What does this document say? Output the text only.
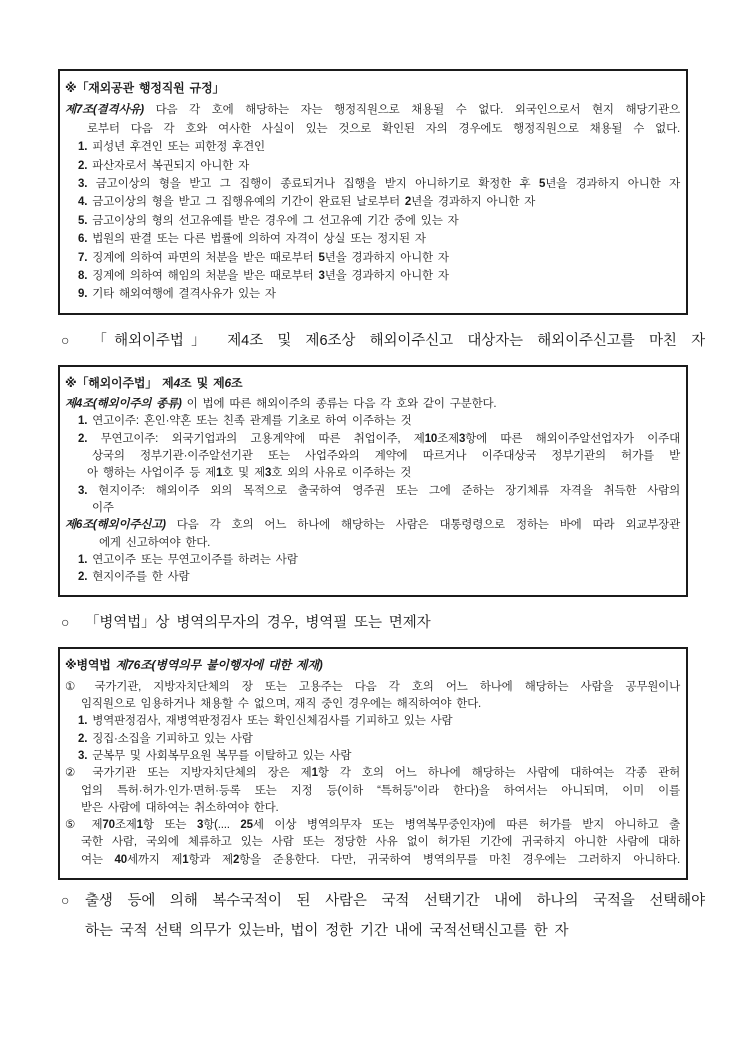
※「재외공관 행정직원 규정」
제7조(결격사유) 다음 각 호에 해당하는 자는 행정직원으로 채용될 수 없다. 외국인으로서 현지 해당기관으
로부터 다음 각 호와 여사한 사실이 있는 것으로 확인된 자의 경우에도 행정직원으로 채용될 수 없다.
1. 피성년 후견인 또는 피한정 후견인
2. 파산자로서 복권되지 아니한 자
3. 금고이상의 형을 받고 그 집행이 종료되거나 집행을 받지 아니하기로 확정한 후 5년을 경과하지 아니한 자
4. 금고이상의 형을 받고 그 집행유예의 기간이 완료된 날로부터 2년을 경과하지 아니한 자
5. 금고이상의 형의 선고유예를 받은 경우에 그 선고유예 기간 중에 있는 자
6. 법원의 판결 또는 다른 법률에 의하여 자격이 상실 또는 정지된 자
7. 징계에 의하여 파면의 처분을 받은 때로부터 5년을 경과하지 아니한 자
8. 징계에 의하여 해임의 처분을 받은 때로부터 3년을 경과하지 아니한 자
9. 기타 해외여행에 결격사유가 있는 자
○ 「해외이주법」 제4조 및 제6조상 해외이주신고 대상자는 해외이주신고를 마친 자
※「해외이주법」 제4조 및 제6조
제4조(해외이주의 종류) 이 법에 따른 해외이주의 종류는 다음 각 호와 같이 구분한다.
1. 연고이주: 혼인·약혼 또는 친족 관계를 기초로 하여 이주하는 것
2. 무연고이주: 외국기업과의 고용계약에 따른 취업이주, 제10조제3항에 따른 해외이주알선업자가 이주대
상국의 정부기관·이주알선기관 또는 사업주와의 계약에 따르거나 이주대상국 정부기관의 허가를 받
아 행하는 사업이주 등 제1호 및 제3호 외의 사유로 이주하는 것
3. 현지이주: 해외이주 외의 목적으로 출국하여 영주권 또는 그에 준하는 장기체류 자격을 취득한 사람의
이주
제6조(해외이주신고) 다음 각 호의 어느 하나에 해당하는 사람은 대통령령으로 정하는 바에 따라 외교부장관
에게 신고하여야 한다.
1. 연고이주 또는 무연고이주를 하려는 사람
2. 현지이주를 한 사람
○ 「병역법」상 병역의무자의 경우, 병역필 또는 면제자
※병역법 제76조(병역의무 불이행자에 대한 제재)
① 국가기관, 지방자치단체의 장 또는 고용주는 다음 각 호의 어느 하나에 해당하는 사람을 공무원이나
임직원으로 임용하거나 채용할 수 없으며, 재직 중인 경우에는 해직하여야 한다.
1. 병역판정검사, 재병역판정검사 또는 확인신체검사를 기피하고 있는 사람
2. 징집·소집을 기피하고 있는 사람
3. 군복무 및 사회복무요원 복무를 이탈하고 있는 사람
② 국가기관 또는 지방자치단체의 장은 제1항 각 호의 어느 하나에 해당하는 사람에 대하여는 각종 관허
업의 특허·허가·인가·면허·등록 또는 지정 등(이하 “특허등”이라 한다)을 하여서는 아니되며, 이미 이를
받은 사람에 대하여는 취소하여야 한다.
⑤ 제70조제1항 또는 3항(.... 25세 이상 병역의무자 또는 병역복무중인자)에 따른 허가를 받지 아니하고 출
국한 사람, 국외에 체류하고 있는 사람 또는 정당한 사유 없이 허가된 기간에 귀국하지 아니한 사람에 대하
여는 40세까지 제1항과 제2항을 준용한다. 다만, 귀국하여 병역의무를 마친 경우에는 그러하지 아니하다.
○ 출생 등에 의해 복수국적이 된 사람은 국적 선택기간 내에 하나의 국적을 선택해야
하는 국적 선택 의무가 있는바, 법이 정한 기간 내에 국적선택신고를 한 자
